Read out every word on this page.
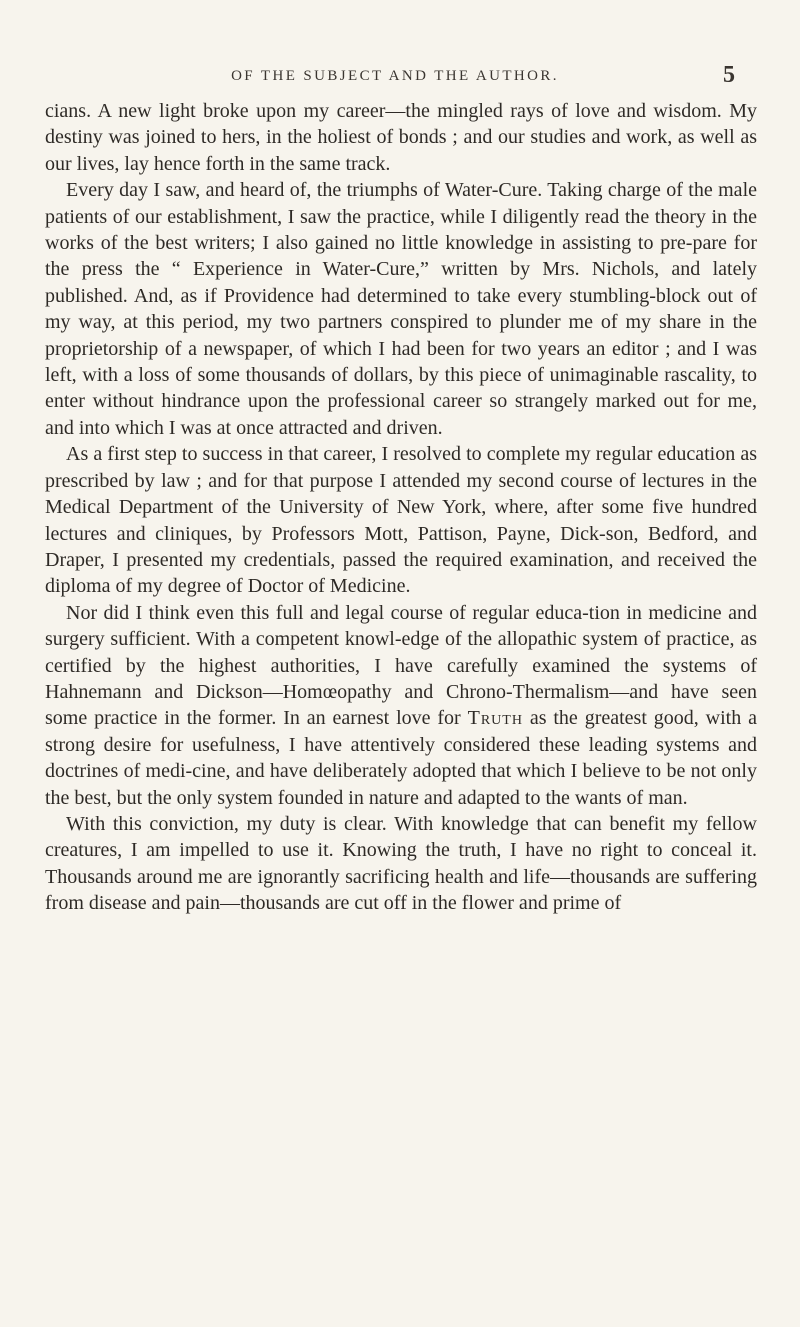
OF THE SUBJECT AND THE AUTHOR.	5

cians. A new light broke upon my career—the mingled rays of love and wisdom. My destiny was joined to hers, in the holiest of bonds ; and our studies and work, as well as our lives, lay hence forth in the same track.

Every day I saw, and heard of, the triumphs of Water-Cure. Taking charge of the male patients of our establishment, I saw the practice, while I diligently read the theory in the works of the best writers; I also gained no little knowledge in assisting to pre-pare for the press the “ Experience in Water-Cure,” written by Mrs. Nichols, and lately published. And, as if Providence had determined to take every stumbling-block out of my way, at this period, my two partners conspired to plunder me of my share in the proprietorship of a newspaper, of which I had been for two years an editor ; and I was left, with a loss of some thousands of dollars, by this piece of unimaginable rascality, to enter without hindrance upon the professional career so strangely marked out for me, and into which I was at once attracted and driven.

As a first step to success in that career, I resolved to complete my regular education as prescribed by law ; and for that purpose I attended my second course of lectures in the Medical Department of the University of New York, where, after some five hundred lectures and cliniques, by Professors Mott, Pattison, Payne, Dick-son, Bedford, and Draper, I presented my credentials, passed the required examination, and received the diploma of my degree of Doctor of Medicine.

Nor did I think even this full and legal course of regular educa-tion in medicine and surgery sufficient. With a competent knowl-edge of the allopathic system of practice, as certified by the highest authorities, I have carefully examined the systems of Hahnemann and Dickson—Homœopathy and Chrono-Thermalism—and have seen some practice in the former. In an earnest love for Truth as the greatest good, with a strong desire for usefulness, I have attentively considered these leading systems and doctrines of medi-cine, and have deliberately adopted that which I believe to be not only the best, but the only system founded in nature and adapted to the wants of man.

With this conviction, my duty is clear. With knowledge that can benefit my fellow creatures, I am impelled to use it. Knowing the truth, I have no right to conceal it. Thousands around me are ignorantly sacrificing health and life—thousands are suffering from disease and pain—thousands are cut off in the flower and prime of
